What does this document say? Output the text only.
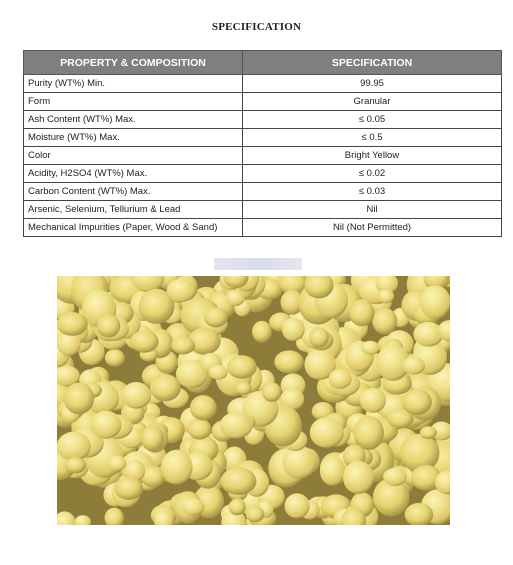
SPECIFICATION
PROPERTY & COMPOSITION	SPECIFICATION
Purity (WT%) Min.	99.95
Form	Granular
Ash Content (WT%) Max.	≤ 0.05
Moisture (WT%) Max.	≤ 0.5
Color	Bright Yellow
Acidity, H2SO4 (WT%) Max.	≤ 0.02
Carbon Content (WT%) Max.	≤ 0.03
Arsenic, Selenium, Tellurium & Lead	Nil
Mechanical Impurities (Paper, Wood & Sand)	Nil (Not Permitted)
